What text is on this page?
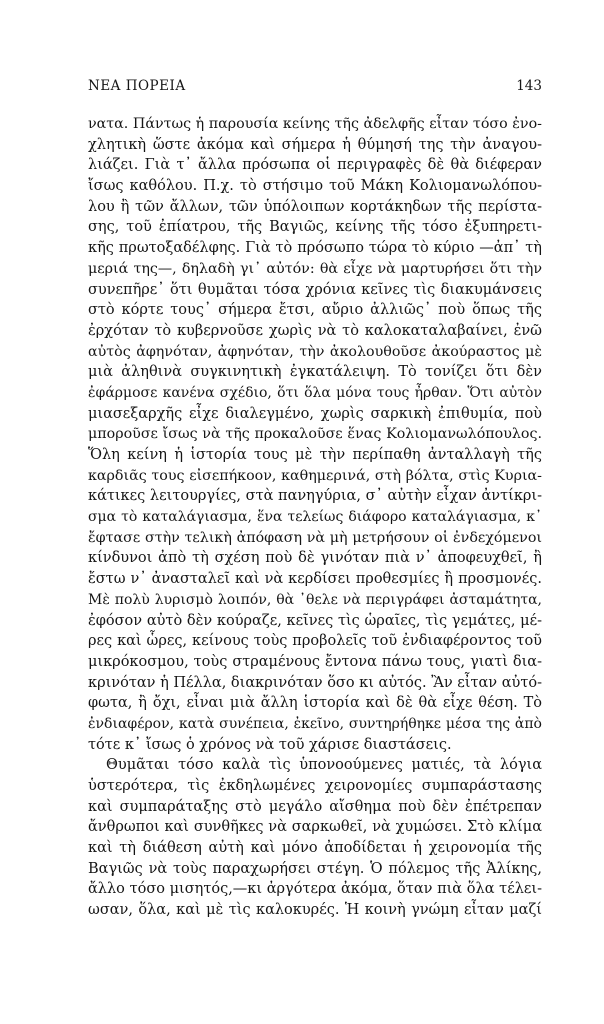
ΝΕΑ ΠΟΡΕΙΑ	143
νατα. Πάντως ἡ παρουσία κείνης τῆς ἀδελφῆς εἶταν τόσο ἐνο-
χλητικὴ ὥστε ἀκόμα καὶ σήμερα ἡ θύμησή της τὴν ἀναγου-
λιάζει. Γιὰ τ᾿ ἄλλα πρόσωπα οἱ περιγραφὲς δὲ θὰ διέφεραν
ἴσως καθόλου. Π.χ. τὸ στήσιμο τοῦ Μάκη Κολιομανωλόπου-
λου ἢ τῶν ἄλλων, τῶν ὑπόλοιπων κορτάκηδων τῆς περίστα-
σης, τοῦ ἐπίατρου, τῆς Βαγιῶς, κείνης τῆς τόσο ἐξυπηρετι-
κῆς πρωτοξαδέλφης. Γιὰ τὸ πρόσωπο τώρα τὸ κύριο —ἀπ᾿ τὴ
μεριά της—, δηλαδὴ γι᾿ αὐτόν: θὰ εἶχε νὰ μαρτυρήσει ὅτι τὴν
συνεπῆρε᾿ ὅτι θυμᾶται τόσα χρόνια κεῖνες τὶς διακυμάνσεις
στὸ κόρτε τους᾿ σήμερα ἔτσι, αὔριο ἀλλιῶς᾿ ποὺ ὅπως τῆς
ἐρχόταν τὸ κυβερνοῦσε χωρὶς νὰ τὸ καλοκαταλαβαίνει, ἐνῶ
αὐτὸς ἀφηνόταν, ἀφηνόταν, τὴν ἀκολουθοῦσε ἀκούραστος μὲ
μιὰ ἀληθινὰ συγκινητικὴ ἐγκατάλειψη. Τὸ τονίζει ὅτι δὲν
ἐφάρμοσε κανένα σχέδιο, ὅτι ὅλα μόνα τους ἦρθαν. Ὅτι αὐτὸν
μιασεξαρχῆς εἶχε διαλεγμένο, χωρὶς σαρκικὴ ἐπιθυμία, ποὺ
μποροῦσε ἴσως νὰ τῆς προκαλοῦσε ἕνας Κολιομανωλόπουλος.
Ὅλη κείνη ἡ ἱστορία τους μὲ τὴν περίπαθη ἀνταλλαγὴ τῆς
καρδιᾶς τους εἰσεπήκοον, καθημερινά, στὴ βόλτα, στὶς Κυρια-
κάτικες λειτουργίες, στὰ πανηγύρια, σ᾿ αὐτὴν εἶχαν ἀντίκρι-
σμα τὸ καταλάγιασμα, ἕνα τελείως διάφορο καταλάγιασμα, κ᾿
ἔφτασε στὴν τελικὴ ἀπόφαση νὰ μὴ μετρήσουν οἱ ἐνδεχόμενοι
κίνδυνοι ἀπὸ τὴ σχέση ποὺ δὲ γινόταν πιὰ ν᾿ ἀποφευχθεῖ, ἢ
ἔστω ν᾿ ἀνασταλεῖ καὶ νὰ κερδίσει προθεσμίες ἢ προσμονές.
Μὲ πολὺ λυρισμὸ λοιπόν, θὰ ᾿θελε νὰ περιγράφει ἀσταμάτητα,
ἐφόσον αὐτὸ δὲν κούραζε, κεῖνες τὶς ὡραῖες, τὶς γεμάτες, μέ-
ρες καὶ ὧρες, κείνους τοὺς προβολεῖς τοῦ ἐνδιαφέροντος τοῦ
μικρόκοσμου, τοὺς στραμένους ἔντονα πάνω τους, γιατὶ δια-
κρινόταν ἡ Πέλλα, διακρινόταν ὅσο κι αὐτός. Ἂν εἶταν αὐτό-
φωτα, ἢ ὄχι, εἶναι μιὰ ἄλλη ἱστορία καὶ δὲ θὰ εἶχε θέση. Τὸ
ἐνδιαφέρον, κατὰ συνέπεια, ἐκεῖνο, συντηρήθηκε μέσα της ἀπὸ
τότε κ᾿ ἴσως ὁ χρόνος νὰ τοῦ χάρισε διαστάσεις.
Θυμᾶται τόσο καλὰ τὶς ὑπονοούμενες ματιές, τὰ λόγια
ὑστερότερα, τὶς ἐκδηλωμένες χειρονομίες συμπαράστασης
καὶ συμπαράταξης στὸ μεγάλο αἴσθημα ποὺ δὲν ἐπέτρεπαν
ἄνθρωποι καὶ συνθῆκες νὰ σαρκωθεῖ, νὰ χυμώσει. Στὸ κλίμα
καὶ τὴ διάθεση αὐτὴ καὶ μόνο ἀποδίδεται ἡ χειρονομία τῆς
Βαγιῶς νὰ τοὺς παραχωρήσει στέγη. Ὁ πόλεμος τῆς Ἀλίκης,
ἄλλο τόσο μισητός,—κι ἀργότερα ἀκόμα, ὅταν πιὰ ὅλα τέλει-
ωσαν, ὅλα, καὶ μὲ τὶς καλοκυρές. Ἡ κοινὴ γνώμη εἶταν μαζί
